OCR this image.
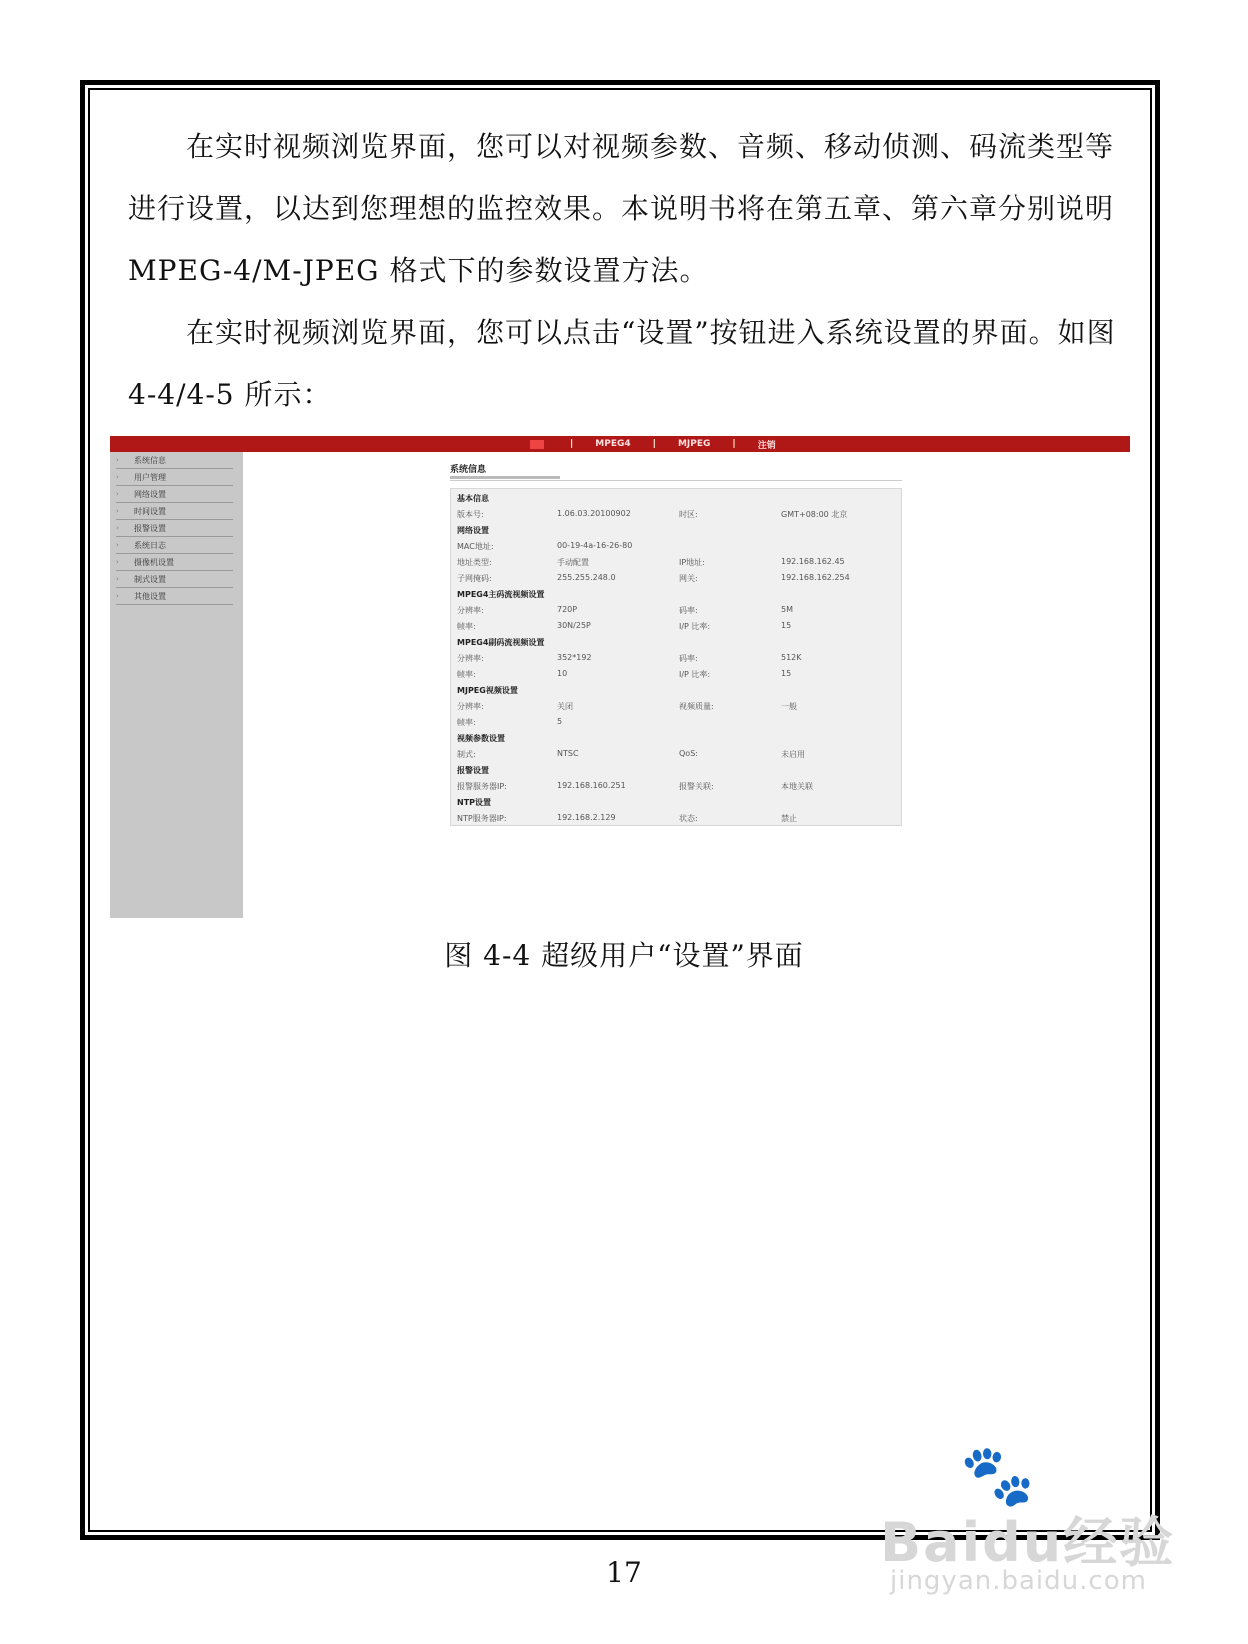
在实时视频浏览界面，您可以对视频参数、音频、移动侦测、码流类型等进行设置，以达到您理想的监控效果。本说明书将在第五章、第六章分别说明MPEG-4/M-JPEG 格式下的参数设置方法。

在实时视频浏览界面，您可以点击“设置”按钮进入系统设置的界面。如图4-4/4-5 所示：

|	MPEG4	|	MJPEG	|	注销
›	系统信息
›	用户管理
›	网络设置
›	时间设置
›	报警设置
›	系统日志
›	摄像机设置
›	制式设置
›	其他设置
系统信息
基本信息
版本号:	1.06.03.20100902	时区:	GMT+08:00 北京
网络设置
MAC地址:	00-19-4a-16-26-80
地址类型:	手动配置	IP地址:	192.168.162.45
子网掩码:	255.255.248.0	网关:	192.168.162.254
MPEG4主码流视频设置
分辨率:	720P	码率:	5M
帧率:	30N/25P	I/P 比率:	15
MPEG4副码流视频设置
分辨率:	352*192	码率:	512K
帧率:	10	I/P 比率:	15
MJPEG视频设置
分辨率:	关闭	视频质量:	一般
帧率:	5
视频参数设置
制式:	NTSC	QoS:	未启用
报警设置
报警服务器IP:	192.168.160.251	报警关联:	本地关联
NTP设置
NTP服务器IP:	192.168.2.129	状态:	禁止
图 4-4 超级用户“设置”界面
17
🐾
Baidu经验
jingyan.baidu.com
